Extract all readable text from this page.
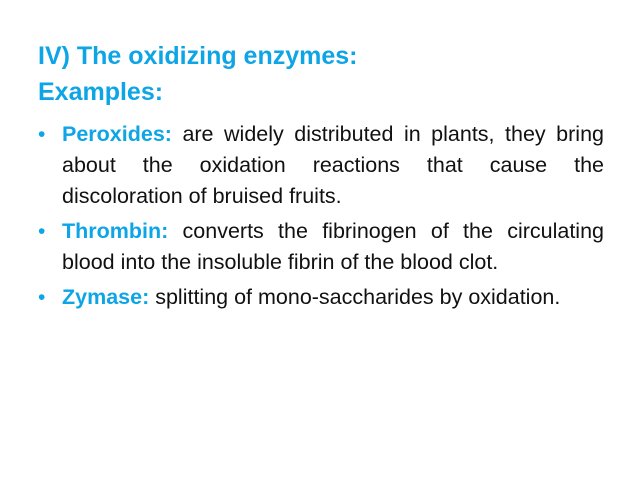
IV) The oxidizing enzymes:
Examples:
• Peroxides: are widely distributed in plants, they bring about the oxidation reactions that cause the discoloration of bruised fruits.
• Thrombin: converts the fibrinogen of the circulating blood into the insoluble fibrin of the blood clot.
• Zymase: splitting of mono-saccharides by oxidation.
